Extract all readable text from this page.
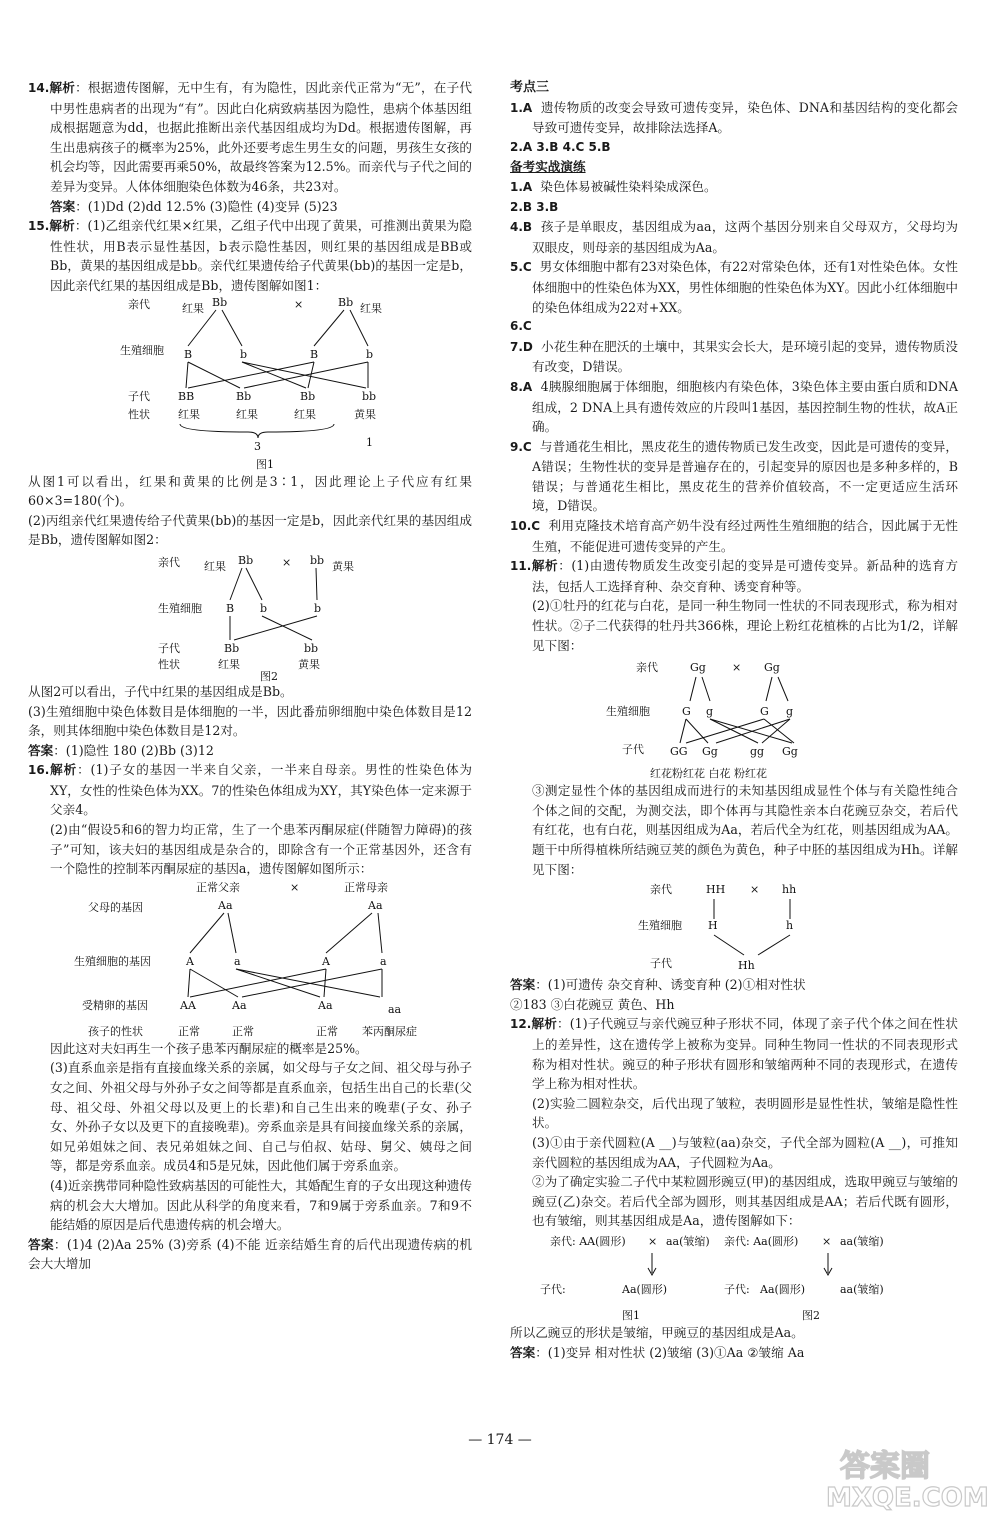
14.解析：根据遗传图解，无中生有，有为隐性，因此亲代正常为“无”，在子代中男性患病者的出现为“有”。因此白化病致病基因为隐性，患病个体基因组成根据题意为dd，也据此推断出亲代基因组成均为Dd。根据遗传图解，再生出患病孩子的概率为25%，此外还要考虑生男生女的问题，男孩生女孩的机会均等，因此需要再乘50%，故最终答案为12.5%。而亲代与子代之间的差异为变异。人体体细胞染色体数为46条，共23对。

答案：(1)Dd (2)dd 12.5% (3)隐性 (4)变异 (5)23

15.解析：(1)乙组亲代红果×红果，乙组子代中出现了黄果，可推测出黄果为隐性性状，用B表示显性基因，b表示隐性基因，则红果的基因组成是BB或Bb，黄果的基因组成是bb。亲代红果遗传给子代黄果(bb)的基因一定是b，因此亲代红果的基因组成是Bb，遗传图解如图1：

亲代	红果 Bb	×	Bb 红果
生殖细胞 B	b	B	b
子代
性状
BB	Bb	Bb	bb
红果	红果	红果	黄果
3	1
图1

从图1可以看出，红果和黄果的比例是3∶1，因此理论上子代应有红果 60×3=180(个)。

(2)丙组亲代红果遗传给子代黄果(bb)的基因一定是b，因此亲代红果的基因组成是Bb，遗传图解如图2：

亲代 红果 Bb	× bb 黄果
生殖细胞 B b	b
子代
性状
Bb	bb
红果	黄果
图2

从图2可以看出，子代中红果的基因组成是Bb。

(3)生殖细胞中染色体数目是体细胞的一半，因此番茄卵细胞中染色体数目是12条，则其体细胞中染色体数目是12对。

答案：(1)隐性 180 (2)Bb (3)12

16.解析：(1)子女的基因一半来自父亲，一半来自母亲。男性的性染色体为XY，女性的性染色体为XX。7的性染色体组成为XY，其Y染色体一定来源于父亲4。

(2)由“假设5和6的智力均正常，生了一个患苯丙酮尿症(伴随智力障碍)的孩子”可知，该夫妇的基因组成是杂合的，即除含有一个正常基因外，还含有一个隐性的控制苯丙酮尿症的基因a，遗传图解如图所示：

正常父亲	×	正常母亲
父母的基因	Aa	Aa
生殖细胞的基因	A	a	A	a
受精卵的基因	AA	Aa	Aa	aa
孩子的性状	正常	正常	正常 苯丙酮尿症

因此这对夫妇再生一个孩子患苯丙酮尿症的概率是25%。

(3)直系血亲是指有直接血缘关系的亲属，如父母与子女之间、祖父母与孙子女之间、外祖父母与外孙子女之间等都是直系血亲，包括生出自己的长辈(父母、祖父母、外祖父母以及更上的长辈)和自己生出来的晚辈(子女、孙子女、外孙子女以及更下的直接晚辈)。旁系血亲是具有间接血缘关系的亲属，如兄弟姐妹之间、表兄弟姐妹之间、自己与伯叔、姑母、舅父、姨母之间等，都是旁系血亲。成员4和5是兄妹，因此他们属于旁系血亲。

(4)近亲携带同种隐性致病基因的可能性大，其婚配生育的子女出现这种遗传病的机会大大增加。因此从科学的角度来看，7和9属于旁系血亲。7和9不能结婚的原因是后代患遗传病的机会增大。

答案：(1)4 (2)Aa 25% (3)旁系 (4)不能 近亲结婚生育的后代出现遗传病的机会大大增加

考点三

1.A 遗传物质的改变会导致可遗传变异，染色体、DNA和基因结构的变化都会导致可遗传变异，故排除法选择A。

2.A 3.B 4.C 5.B

备考实战演练

1.A 染色体易被碱性染料染成深色。

2.B 3.B

4.B 孩子是单眼皮，基因组成为aa，这两个基因分别来自父母双方，父母均为双眼皮，则母亲的基因组成为Aa。

5.C 男女体细胞中都有23对染色体，有22对常染色体，还有1对性染色体。女性体细胞中的性染色体为XX，男性体细胞的性染色体为XY。因此小红体细胞中的染色体组成为22对+XX。

6.C

7.D 小花生种在肥沃的土壤中，其果实会长大，是环境引起的变异，遗传物质没有改变，D错误。

8.A 4胰腺细胞属于体细胞，细胞核内有染色体，3染色体主要由蛋白质和DNA组成，2 DNA上具有遗传效应的片段叫1基因，基因控制生物的性状，故A正确。

9.C 与普通花生相比，黑皮花生的遗传物质已发生改变，因此是可遗传的变异，A错误；生物性状的变异是普遍存在的，引起变异的原因也是多种多样的，B错误；与普通花生相比，黑皮花生的营养价值较高，不一定更适应生活环境，D错误。

10.C 利用克隆技术培育高产奶牛没有经过两性生殖细胞的结合，因此属于无性生殖，不能促进可遗传变异的产生。

11.解析：(1)由遗传物质发生改变引起的变异是可遗传变异。新品种的选育方法，包括人工选择育种、杂交育种、诱变育种等。

(2)①牡丹的红花与白花，是同一种生物同一性状的不同表现形式，称为相对性状。②子二代获得的牡丹共366株，理论上粉红花植株的占比为1/2，详解见下图：

亲代	Gg × Gg
生殖细胞	G g	G g
子代 GG Gg	gg Gg
红花粉红花 白花 粉红花

③测定显性个体的基因组成而进行的未知基因组成显性个体与有关隐性纯合个体之间的交配，为测交法，即个体再与其隐性亲本白花豌豆杂交，若后代有红花，也有白花，则基因组成为Aa，若后代全为红花，则基因组成为AA。题干中所得植株所结豌豆荚的颜色为黄色，种子中胚的基因组成为Hh。详解见下图：

亲代	HH × hh
生殖细胞 H	h
子代	Hh

答案：(1)可遗传 杂交育种、诱变育种 (2)①相对性状

②183 ③白花豌豆 黄色、Hh

12.解析：(1)子代豌豆与亲代豌豆种子形状不同，体现了亲子代个体之间在性状上的差异性，这在遗传学上被称为变异。同种生物同一性状的不同表现形式称为相对性状。豌豆的种子形状有圆形和皱缩两种不同的表现形式，在遗传学上称为相对性状。

(2)实验二圆粒杂交，后代出现了皱粒，表明圆形是显性性状，皱缩是隐性性状。

(3)①由于亲代圆粒(A __)与皱粒(aa)杂交，子代全部为圆粒(A __)，可推知亲代圆粒的基因组成为AA，子代圆粒为Aa。

②为了确定实验二子代中某粒圆形豌豆(甲)的基因组成，选取甲豌豆与皱缩的豌豆(乙)杂交。若后代全部为圆形，则其基因组成是AA；若后代既有圆形，也有皱缩，则其基因组成是Aa，遗传图解如下：

亲代: AA(圆形) × aa(皱缩) 亲代: Aa(圆形) × aa(皱缩)
子代:	Aa(圆形)	子代: Aa(圆形)	aa(皱缩)
图1	图2

所以乙豌豆的形状是皱缩，甲豌豆的基因组成是Aa。

答案：(1)变异 相对性状 (2)皱缩 (3)①Aa ②皱缩 Aa

— 174 —
答案圈
MXQE.COM
